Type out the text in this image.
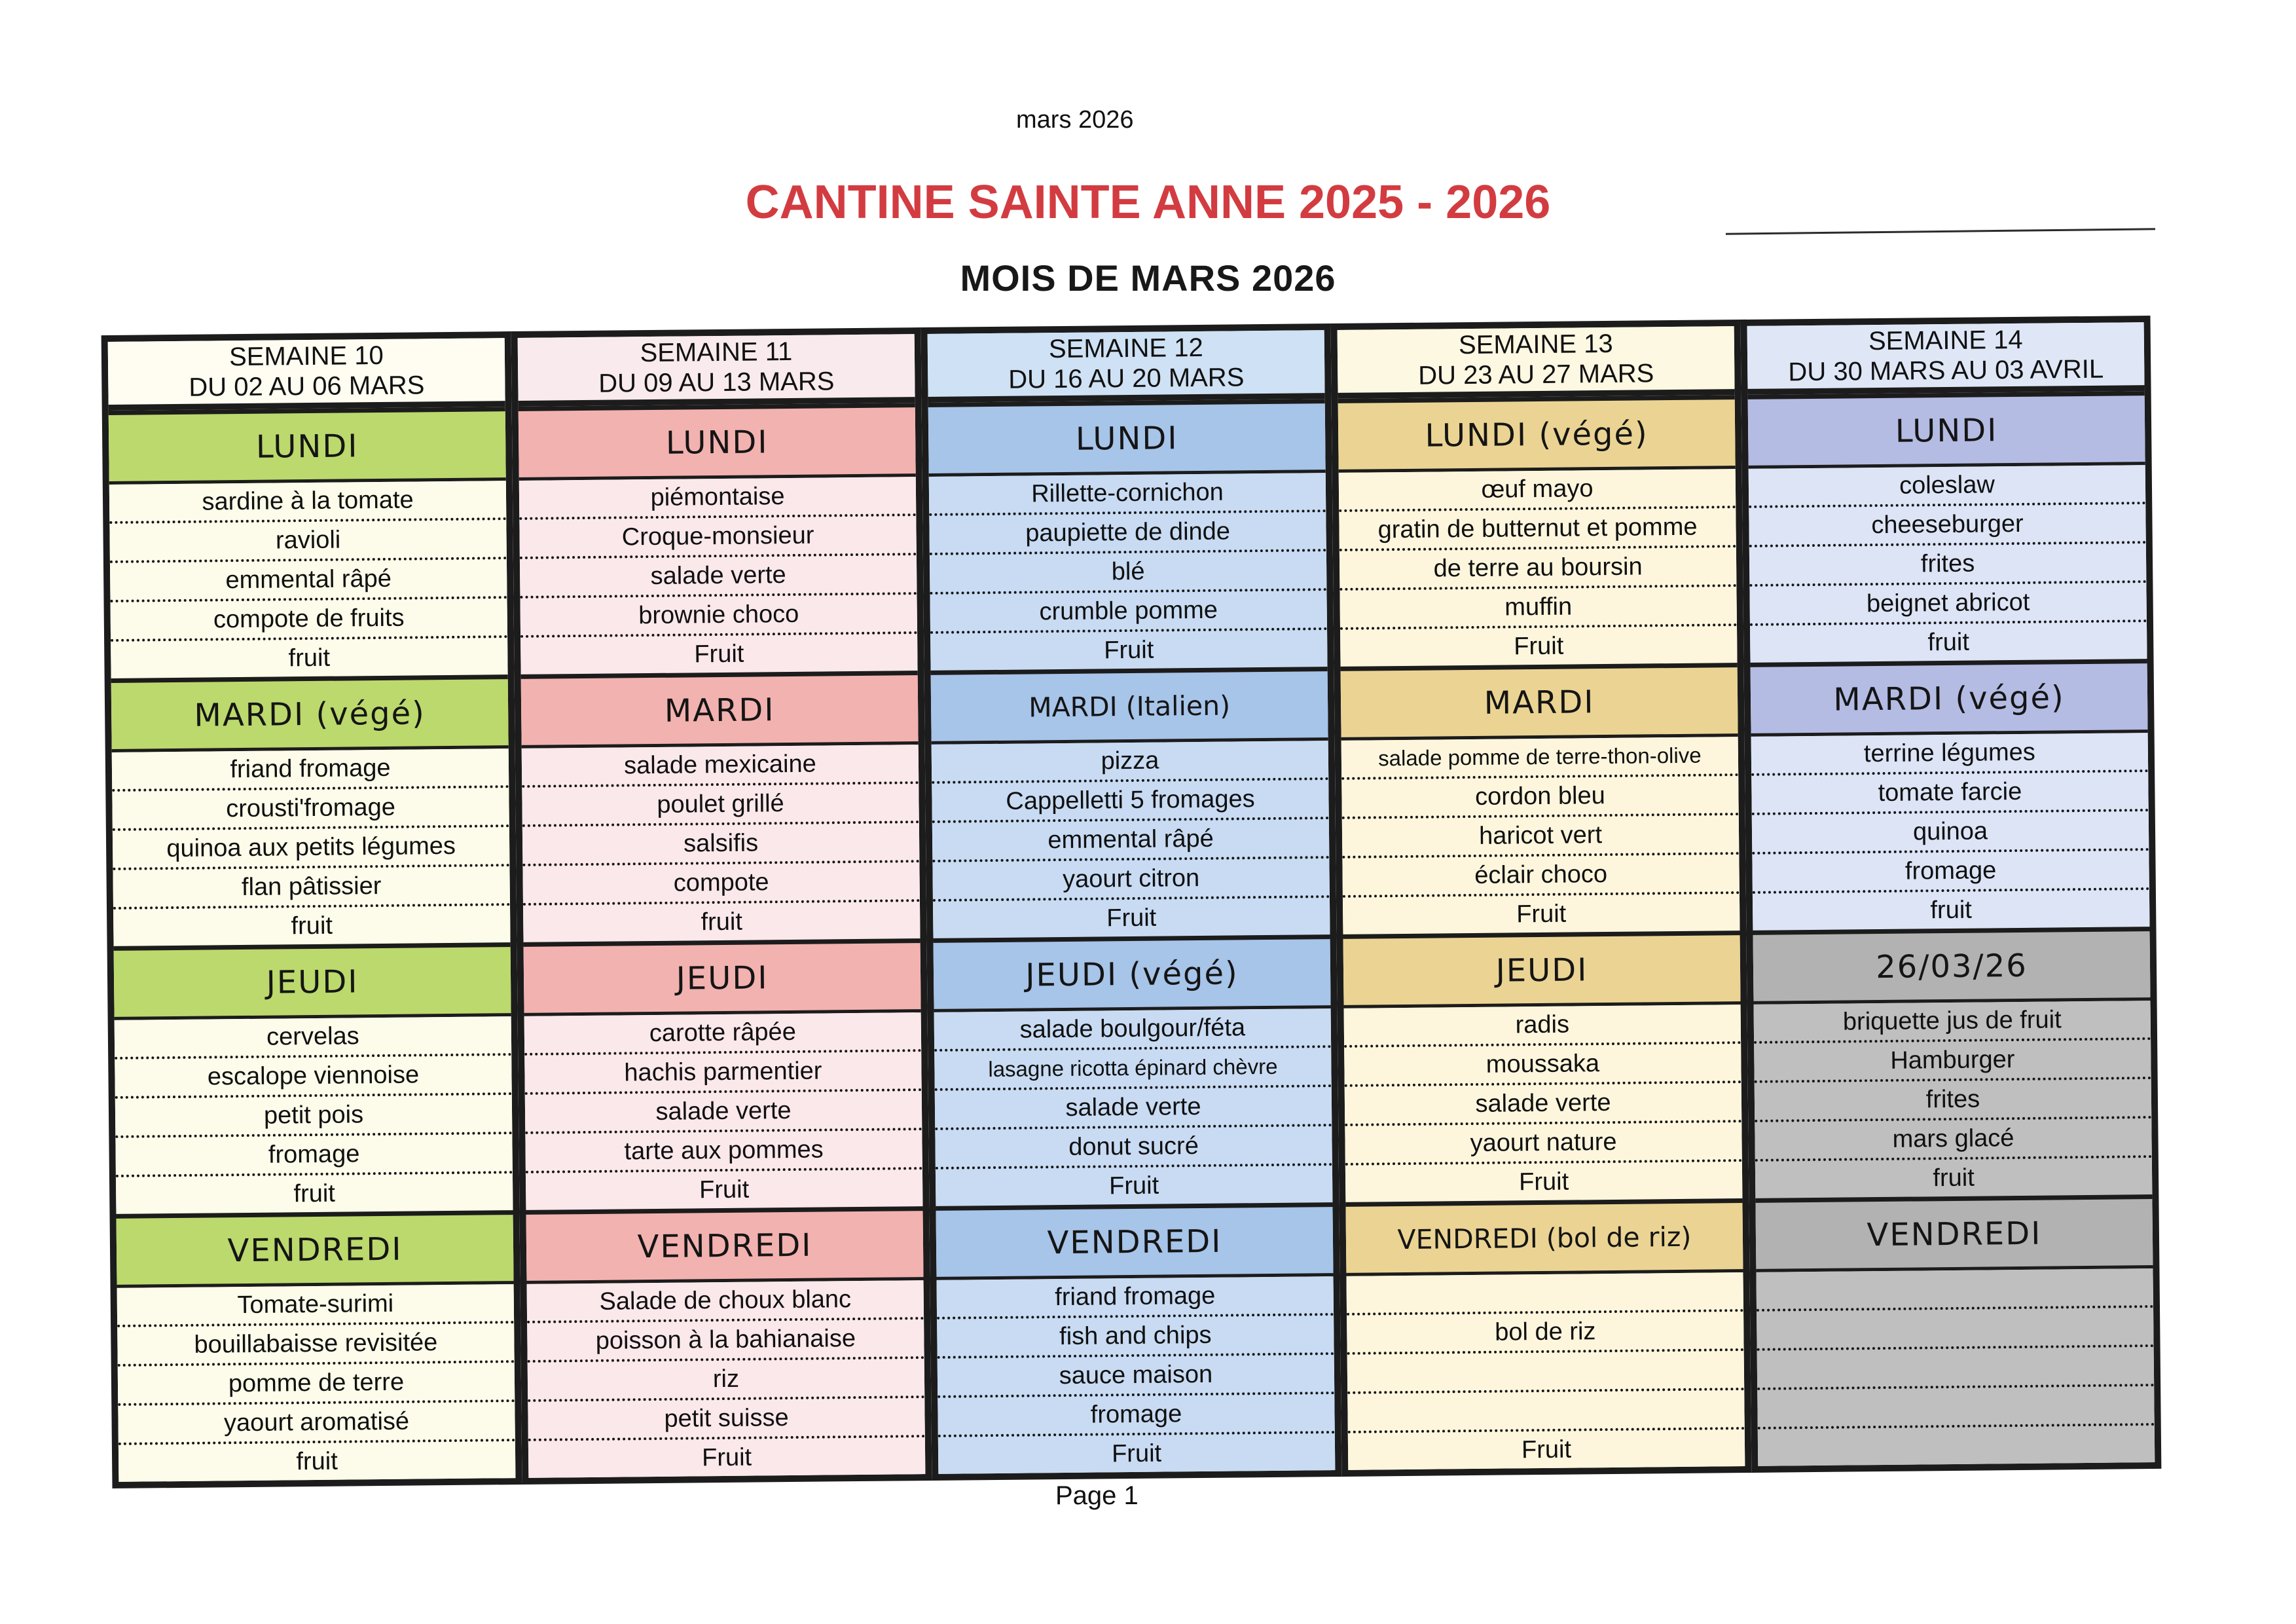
mars 2026
CANTINE SAINTE ANNE 2025 - 2026
MOIS DE MARS 2026
SEMAINE 10
DU 02 AU 06 MARS
LUNDI
sardine à la tomate
ravioli
emmental râpé
compote de fruits
fruit
MARDI (végé)
friand fromage
crousti'fromage
quinoa aux petits légumes
flan pâtissier
fruit
JEUDI
cervelas
escalope viennoise
petit pois
fromage
fruit
VENDREDI
Tomate-surimi
bouillabaisse revisitée
pomme de terre
yaourt aromatisé
fruit
SEMAINE 11
DU 09 AU 13 MARS
LUNDI
piémontaise
Croque-monsieur
salade verte
brownie choco
Fruit
MARDI
salade mexicaine
poulet grillé
salsifis
compote
fruit
JEUDI
carotte râpée
hachis parmentier
salade verte
tarte aux pommes
Fruit
VENDREDI
Salade de choux blanc
poisson à la bahianaise
riz
petit suisse
Fruit
SEMAINE 12
DU 16 AU 20 MARS
LUNDI
Rillette-cornichon
paupiette de dinde
blé
crumble pomme
Fruit
MARDI (Italien)
pizza
Cappelletti 5 fromages
emmental râpé
yaourt citron
Fruit
JEUDI (végé)
salade boulgour/féta
lasagne ricotta épinard chèvre
salade verte
donut sucré
Fruit
VENDREDI
friand fromage
fish and chips
sauce maison
fromage
Fruit
SEMAINE 13
DU 23 AU 27 MARS
LUNDI (végé)
œuf mayo
gratin de butternut et pomme
de terre au boursin
muffin
Fruit
MARDI
salade pomme de terre-thon-olive
cordon bleu
haricot vert
éclair choco
Fruit
JEUDI
radis
moussaka
salade verte
yaourt nature
Fruit
VENDREDI (bol de riz)
bol de riz
Fruit
SEMAINE 14
DU 30 MARS AU 03 AVRIL
LUNDI
coleslaw
cheeseburger
frites
beignet abricot
fruit
MARDI (végé)
terrine légumes
tomate farcie
quinoa
fromage
fruit
26/03/26
briquette jus de fruit
Hamburger
frites
mars glacé
fruit
VENDREDI
Page 1
